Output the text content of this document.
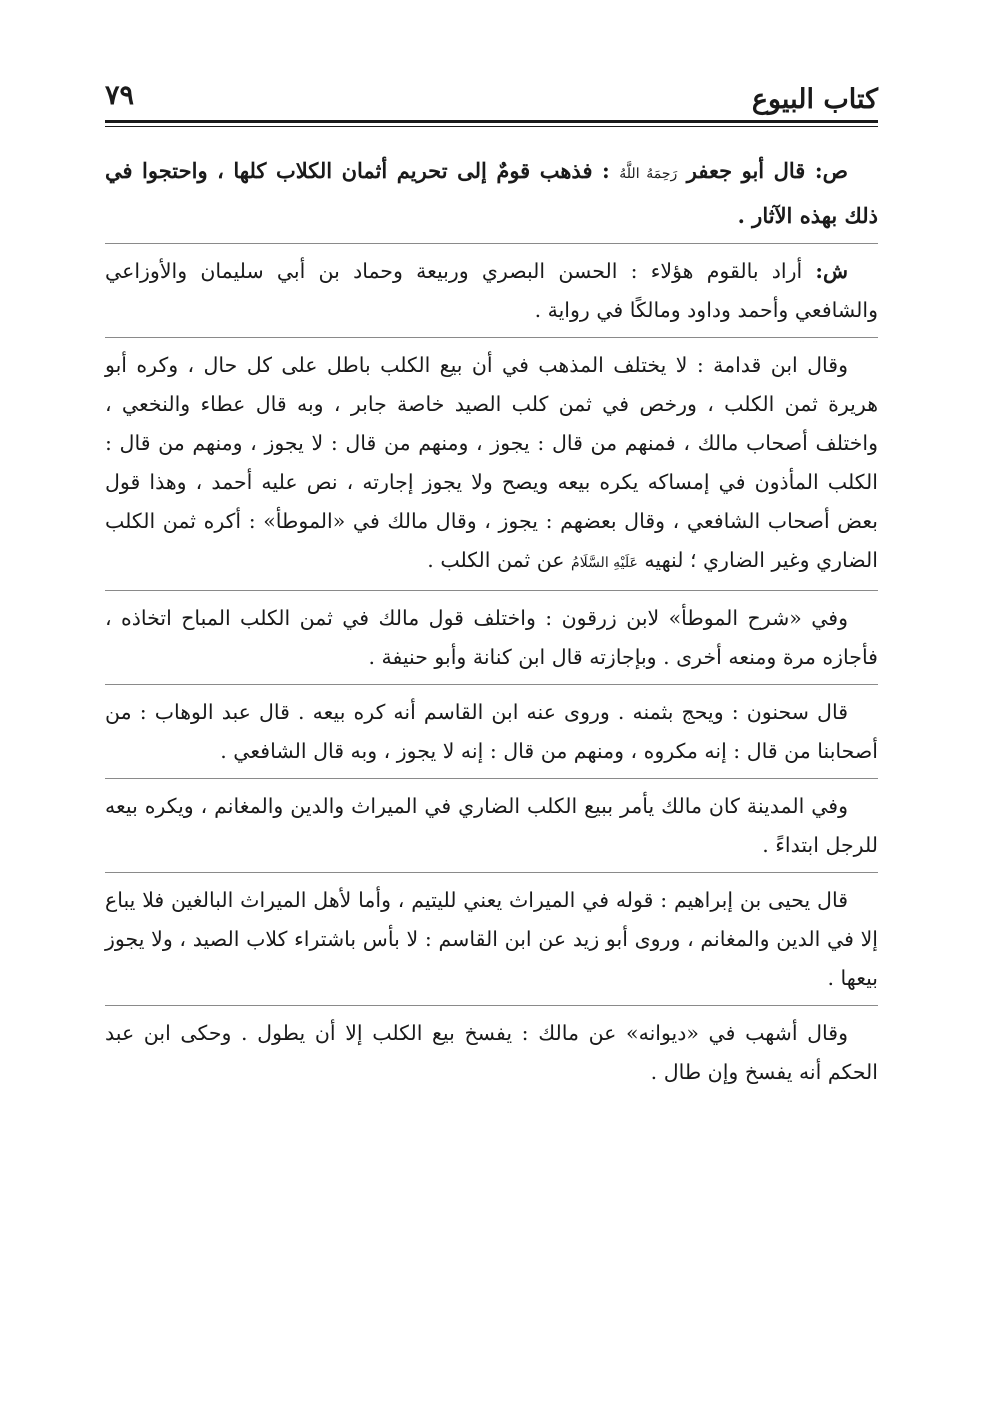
كتاب البيوع
٧٩

ص: قال أبو جعفر رَحِمَهُ اللَّهُ : فذهب قومٌ إلى تحريم أثمان الكلاب كلها ، واحتجوا في ذلك بهذه الآثار .

ش: أراد بالقوم هؤلاء : الحسن البصري وربيعة وحماد بن أبي سليمان والأوزاعي والشافعي وأحمد وداود ومالكًا في رواية .

وقال ابن قدامة : لا يختلف المذهب في أن بيع الكلب باطل على كل حال ، وكره أبو هريرة ثمن الكلب ، ورخص في ثمن كلب الصيد خاصة جابر ، وبه قال عطاء والنخعي ، واختلف أصحاب مالك ، فمنهم من قال : يجوز ، ومنهم من قال : لا يجوز ، ومنهم من قال : الكلب المأذون في إمساكه يكره بيعه ويصح ولا يجوز إجارته ، نص عليه أحمد ، وهذا قول بعض أصحاب الشافعي ، وقال بعضهم : يجوز ، وقال مالك في «الموطأ» : أكره ثمن الكلب الضاري وغير الضاري ؛ لنهيه عَلَيْهِ السَّلَامُ عن ثمن الكلب .

وفي «شرح الموطأ» لابن زرقون : واختلف قول مالك في ثمن الكلب المباح اتخاذه ، فأجازه مرة ومنعه أخرى . وبإجازته قال ابن كنانة وأبو حنيفة .

قال سحنون : ويحج بثمنه . وروى عنه ابن القاسم أنه كره بيعه . قال عبد الوهاب : من أصحابنا من قال : إنه مكروه ، ومنهم من قال : إنه لا يجوز ، وبه قال الشافعي .

وفي المدينة كان مالك يأمر ببيع الكلب الضاري في الميراث والدين والمغانم ، ويكره بيعه للرجل ابتداءً .

قال يحيى بن إبراهيم : قوله في الميراث يعني لليتيم ، وأما لأهل الميراث البالغين فلا يباع إلا في الدين والمغانم ، وروى أبو زيد عن ابن القاسم : لا بأس باشتراء كلاب الصيد ، ولا يجوز بيعها .

وقال أشهب في «ديوانه» عن مالك : يفسخ بيع الكلب إلا أن يطول . وحكى ابن عبد الحكم أنه يفسخ وإن طال .
